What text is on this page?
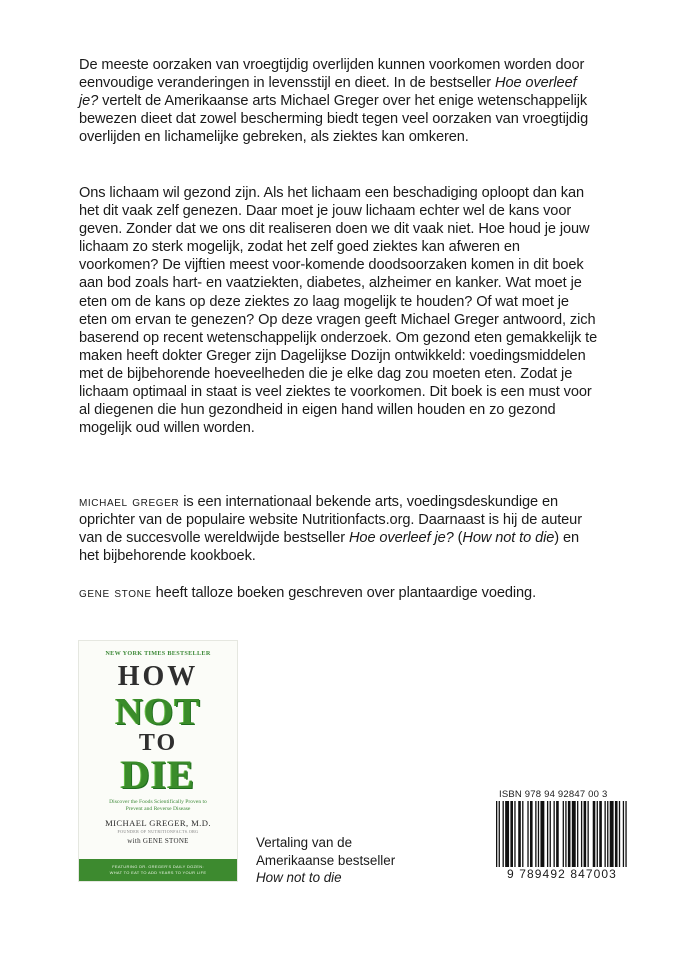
De meeste oorzaken van vroegtijdig overlijden kunnen voorkomen worden door eenvoudige veranderingen in levensstijl en dieet. In de bestseller Hoe overleef je? vertelt de Amerikaanse arts Michael Greger over het enige wetenschappelijk bewezen dieet dat zowel bescherming biedt tegen veel oorzaken van vroegtijdig overlijden en lichamelijke gebreken, als ziektes kan omkeren.

Ons lichaam wil gezond zijn. Als het lichaam een beschadiging oploopt dan kan het dit vaak zelf genezen. Daar moet je jouw lichaam echter wel de kans voor geven. Zonder dat we ons dit realiseren doen we dit vaak niet. Hoe houd je jouw lichaam zo sterk mogelijk, zodat het zelf goed ziektes kan afweren en voorkomen? De vijftien meest voor-komende doodsoorzaken komen in dit boek aan bod zoals hart- en vaatziekten, diabetes, alzheimer en kanker. Wat moet je eten om de kans op deze ziektes zo laag mogelijk te houden? Of wat moet je eten om ervan te genezen? Op deze vragen geeft Michael Greger antwoord, zich baserend op recent wetenschappelijk onderzoek. Om gezond eten gemakkelijk te maken heeft dokter Greger zijn Dagelijkse Dozijn ontwikkeld: voedingsmiddelen met de bijbehorende hoeveelheden die je elke dag zou moeten eten. Zodat je lichaam optimaal in staat is veel ziektes te voorkomen. Dit boek is een must voor al diegenen die hun gezondheid in eigen hand willen houden en zo gezond mogelijk oud willen worden.

michael greger is een internationaal bekende arts, voedingsdeskundige en oprichter van de populaire website Nutritionfacts.org. Daarnaast is hij de auteur van de succesvolle wereldwijde bestseller Hoe overleef je? (How not to die) en het bijbehorende kookboek.

gene stone heeft talloze boeken geschreven over plantaardige voeding.

NEW YORK TIMES BESTSELLER
HOW
NOT
TO
DIE
Discover the Foods Scientifically Proven to Prevent and Reverse Disease
MICHAEL GREGER, M.D.
FOUNDER OF NUTRITIONFACTS.ORG
with GENE STONE
FEATURING DR. GREGER'S DAILY DOZEN:
WHAT TO EAT TO ADD YEARS TO YOUR LIFE
Vertaling van de
Amerikaanse bestseller
How not to die
ISBN 978 94 92847 00 3
9 789492 847003
